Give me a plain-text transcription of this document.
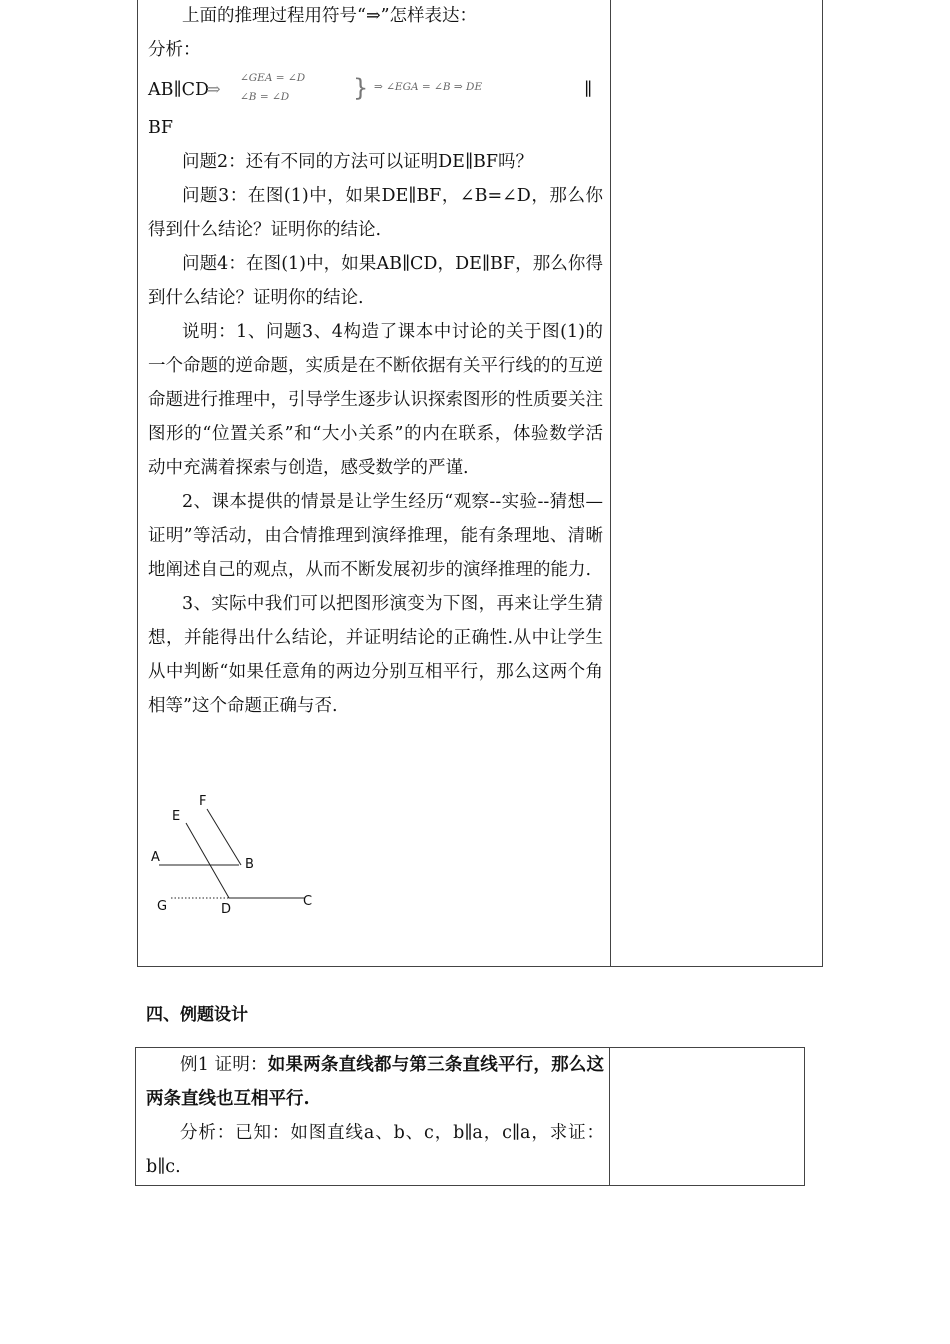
上面的推理过程用符号“⇒”怎样表达：

分析：

AB∥CD
⇒
∠GEA = ∠D
∠B = ∠D	} ⇒ ∠EGA = ∠B ⇒ DE	∥

BF

问题2：还有不同的方法可以证明DE∥BF吗？

问题3：在图(1)中，如果DE∥BF，∠B=∠D，那么你得到什么结论？证明你的结论.

问题4：在图(1)中，如果AB∥CD，DE∥BF，那么你得到什么结论？证明你的结论.

说明：1、问题3、4构造了课本中讨论的关于图(1)的一个命题的逆命题，实质是在不断依据有关平行线的的互逆命题进行推理中，引导学生逐步认识探索图形的性质要关注图形的“位置关系”和“大小关系”的内在联系，体验数学活动中充满着探索与创造，感受数学的严谨.

2、课本提供的情景是让学生经历“观察--实验--猜想—证明”等活动，由合情推理到演绎推理，能有条理地、清晰地阐述自己的观点，从而不断发展初步的演绎推理的能力.

3、实际中我们可以把图形演变为下图，再来让学生猜想，并能得出什么结论，并证明结论的正确性.从中让学生从中判断“如果任意角的两边分别互相平行，那么这两个角相等”这个命题正确与否.

F
E
A	B
G	D
C
四、例题设计

例1 证明：如果两条直线都与第三条直线平行，那么这两条直线也互相平行.

分析：已知：如图直线a、b、c，b∥a，c∥a，求证：b∥c.
